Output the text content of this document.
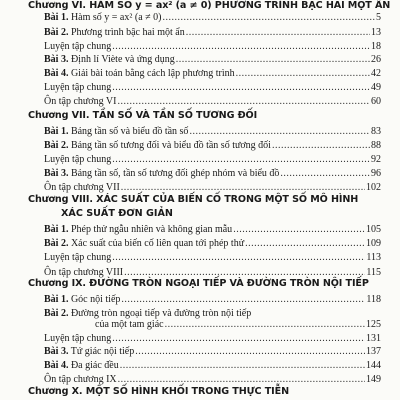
Chương VI. HÀM SỐ y = ax² (a ≠ 0) PHƯƠNG TRÌNH BẬC HAI MỘT ẨN
Bài 1. Hàm số y = ax² (a ≠ 0) .....	5
Bài 2. Phương trình bậc hai một ẩn .....	13
Luyện tập chung .....	18
Bài 3. Định lí Viète và ứng dụng .....	26
Bài 4. Giải bài toán bằng cách lập phương trình .....	42
Luyện tập chung .....	49
Ôn tập chương VI .....	60
Chương VII. TẦN SỐ VÀ TẦN SỐ TƯƠNG ĐỐI
Bài 1. Bảng tần số và biểu đồ tần số .....	83
Bài 2. Bảng tần số tương đối và biểu đồ tần số tương đối .....	88
Luyện tập chung .....	92
Bài 3. Bảng tần số, tần số tương đối ghép nhóm và biểu đồ .....	96
Ôn tập chương VII .....	102
Chương VIII. XÁC SUẤT CỦA BIẾN CỐ TRONG MỘT SỐ MÔ HÌNH
XÁC SUẤT ĐƠN GIẢN
Bài 1. Phép thử ngẫu nhiên và không gian mẫu .....	105
Bài 2. Xác suất của biến cố liên quan tới phép thử .....	109
Luyện tập chung .....	113
Ôn tập chương VIII .....	115
Chương IX. ĐƯỜNG TRÒN NGOẠI TIẾP VÀ ĐƯỜNG TRÒN NỘI TIẾP
Bài 1. Góc nội tiếp .....	118
Bài 2. Đường tròn ngoại tiếp và đường tròn nội tiếp
của một tam giác .....	125
Luyện tập chung .....	131
Bài 3. Tứ giác nội tiếp .....	137
Bài 4. Đa giác đều .....	144
Ôn tập chương IX .....	149
Chương X. MỘT SỐ HÌNH KHỐI TRONG THỰC TIỄN
